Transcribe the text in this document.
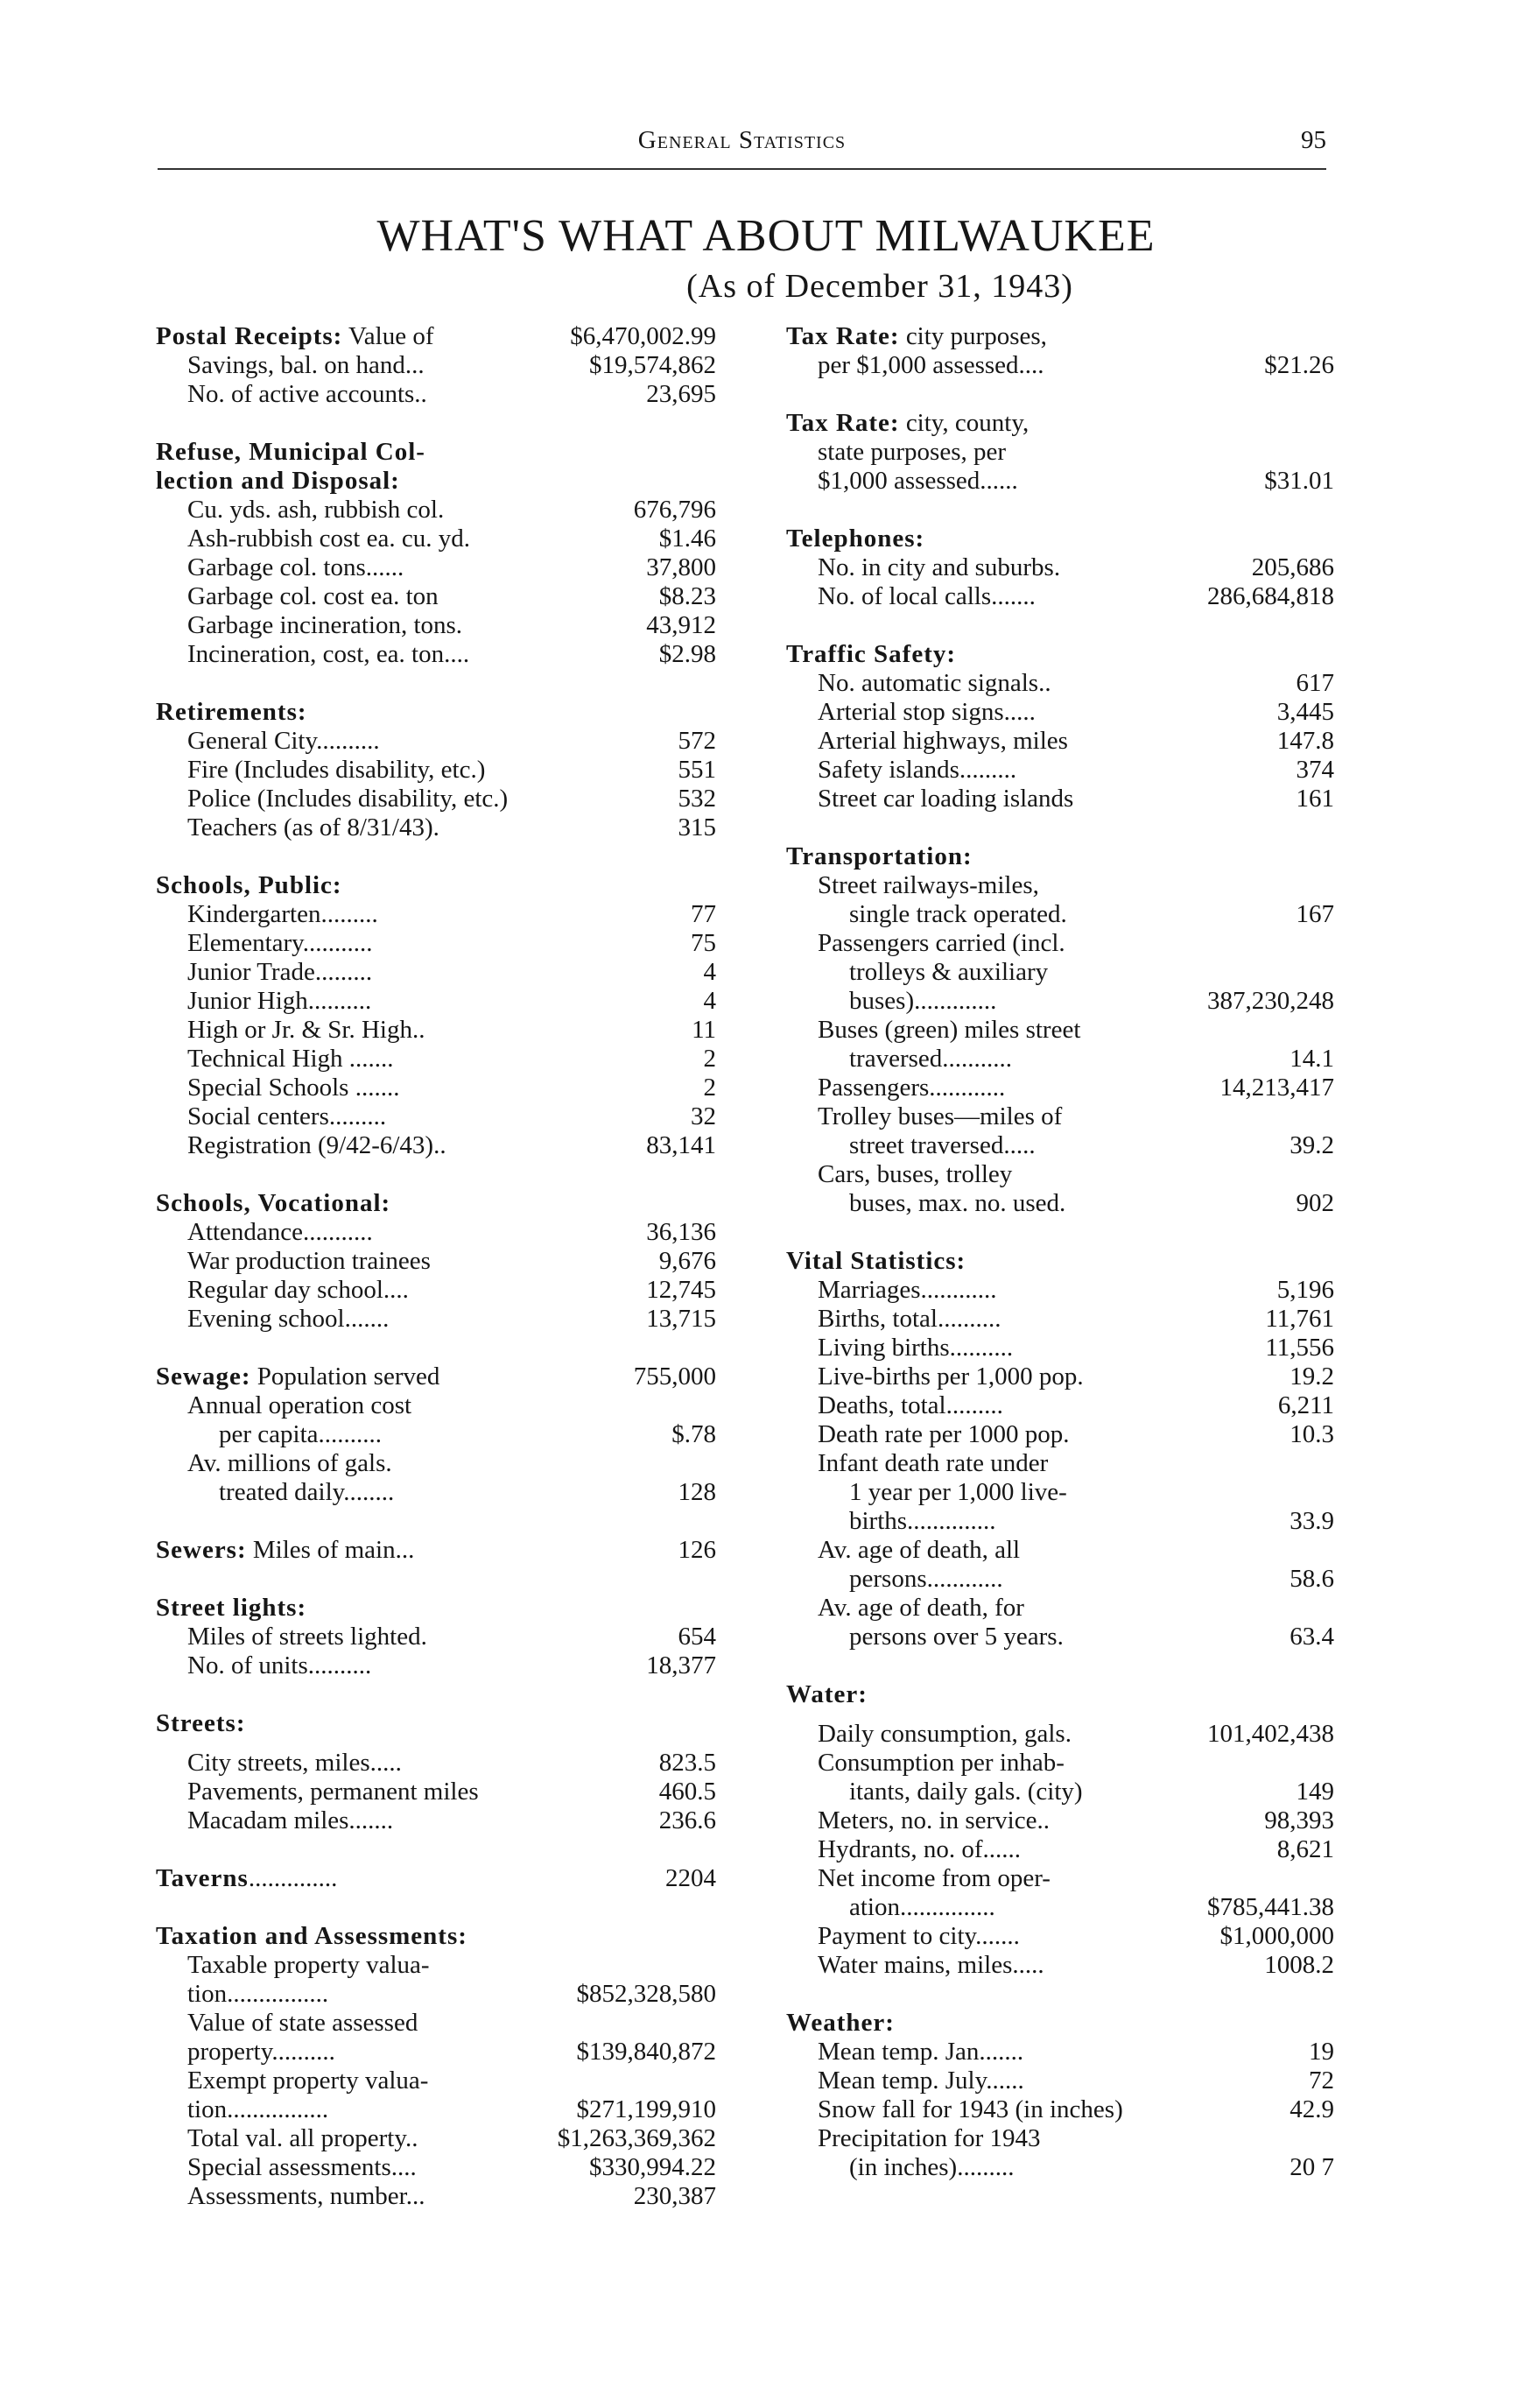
General Statistics	95
WHAT'S WHAT ABOUT MILWAUKEE
(As of December 31, 1943)
Postal Receipts: Value of	$6,470,002.99
Savings, bal. on hand...	$19,574,862
No. of active accounts..	23,695
Refuse, Municipal Col-
lection and Disposal:
Cu. yds. ash, rubbish col.	676,796
Ash-rubbish cost ea. cu. yd.	$1.46
Garbage col. tons......	37,800
Garbage col. cost ea. ton	$8.23
Garbage incineration, tons.	43,912
Incineration, cost, ea. ton....	$2.98
Retirements:
General City..........	572
Fire (Includes disability, etc.)	551
Police (Includes disability, etc.)	532
Teachers (as of 8/31/43).	315
Schools, Public:
Kindergarten.........	77
Elementary...........	75
Junior Trade.........	4
Junior High..........	4
High or Jr. & Sr. High..	11
Technical High .......	2
Special Schools .......	2
Social centers.........	32
Registration (9/42-6/43)..	83,141
Schools, Vocational:
Attendance...........	36,136
War production trainees	9,676
Regular day school....	12,745
Evening school.......	13,715
Sewage: Population served	755,000
Annual operation cost
per capita..........	$.78
Av. millions of gals.
treated daily........	128
Sewers: Miles of main...	126
Street lights:
Miles of streets lighted.	654
No. of units..........	18,377
Streets:
City streets, miles.....	823.5
Pavements, permanent miles	460.5
Macadam miles.......	236.6
Taverns..............	2204
Taxation and Assessments:
Taxable property valua-
tion................	$852,328,580
Value of state assessed
property..........	$139,840,872
Exempt property valua-
tion................	$271,199,910
Total val. all property..	$1,263,369,362
Special assessments....	$330,994.22
Assessments, number...	230,387
Tax Rate: city purposes,
per $1,000 assessed....	$21.26
Tax Rate: city, county,
state purposes, per
$1,000 assessed......	$31.01
Telephones:
No. in city and suburbs.	205,686
No. of local calls.......	286,684,818
Traffic Safety:
No. automatic signals..	617
Arterial stop signs.....	3,445
Arterial highways, miles	147.8
Safety islands.........	374
Street car loading islands	161
Transportation:
Street railways-miles,
single track operated.	167
Passengers carried (incl.
trolleys & auxiliary
buses).............	387,230,248
Buses (green) miles street
traversed...........	14.1
Passengers............	14,213,417
Trolley buses—miles of
street traversed.....	39.2
Cars, buses, trolley
buses, max. no. used.	902
Vital Statistics:
Marriages............	5,196
Births, total..........	11,761
Living births..........	11,556
Live-births per 1,000 pop.	19.2
Deaths, total.........	6,211
Death rate per 1000 pop.	10.3
Infant death rate under
1 year per 1,000 live-
births..............	33.9
Av. age of death, all
persons............	58.6
Av. age of death, for
persons over 5 years.	63.4
Water:
Daily consumption, gals.	101,402,438
Consumption per inhab-
itants, daily gals. (city)	149
Meters, no. in service..	98,393
Hydrants, no. of......	8,621
Net income from oper-
ation...............	$785,441.38
Payment to city.......	$1,000,000
Water mains, miles.....	1008.2
Weather:
Mean temp. Jan.......	19
Mean temp. July......	72
Snow fall for 1943 (in inches)	42.9
Precipitation for 1943
(in inches).........	20 7
